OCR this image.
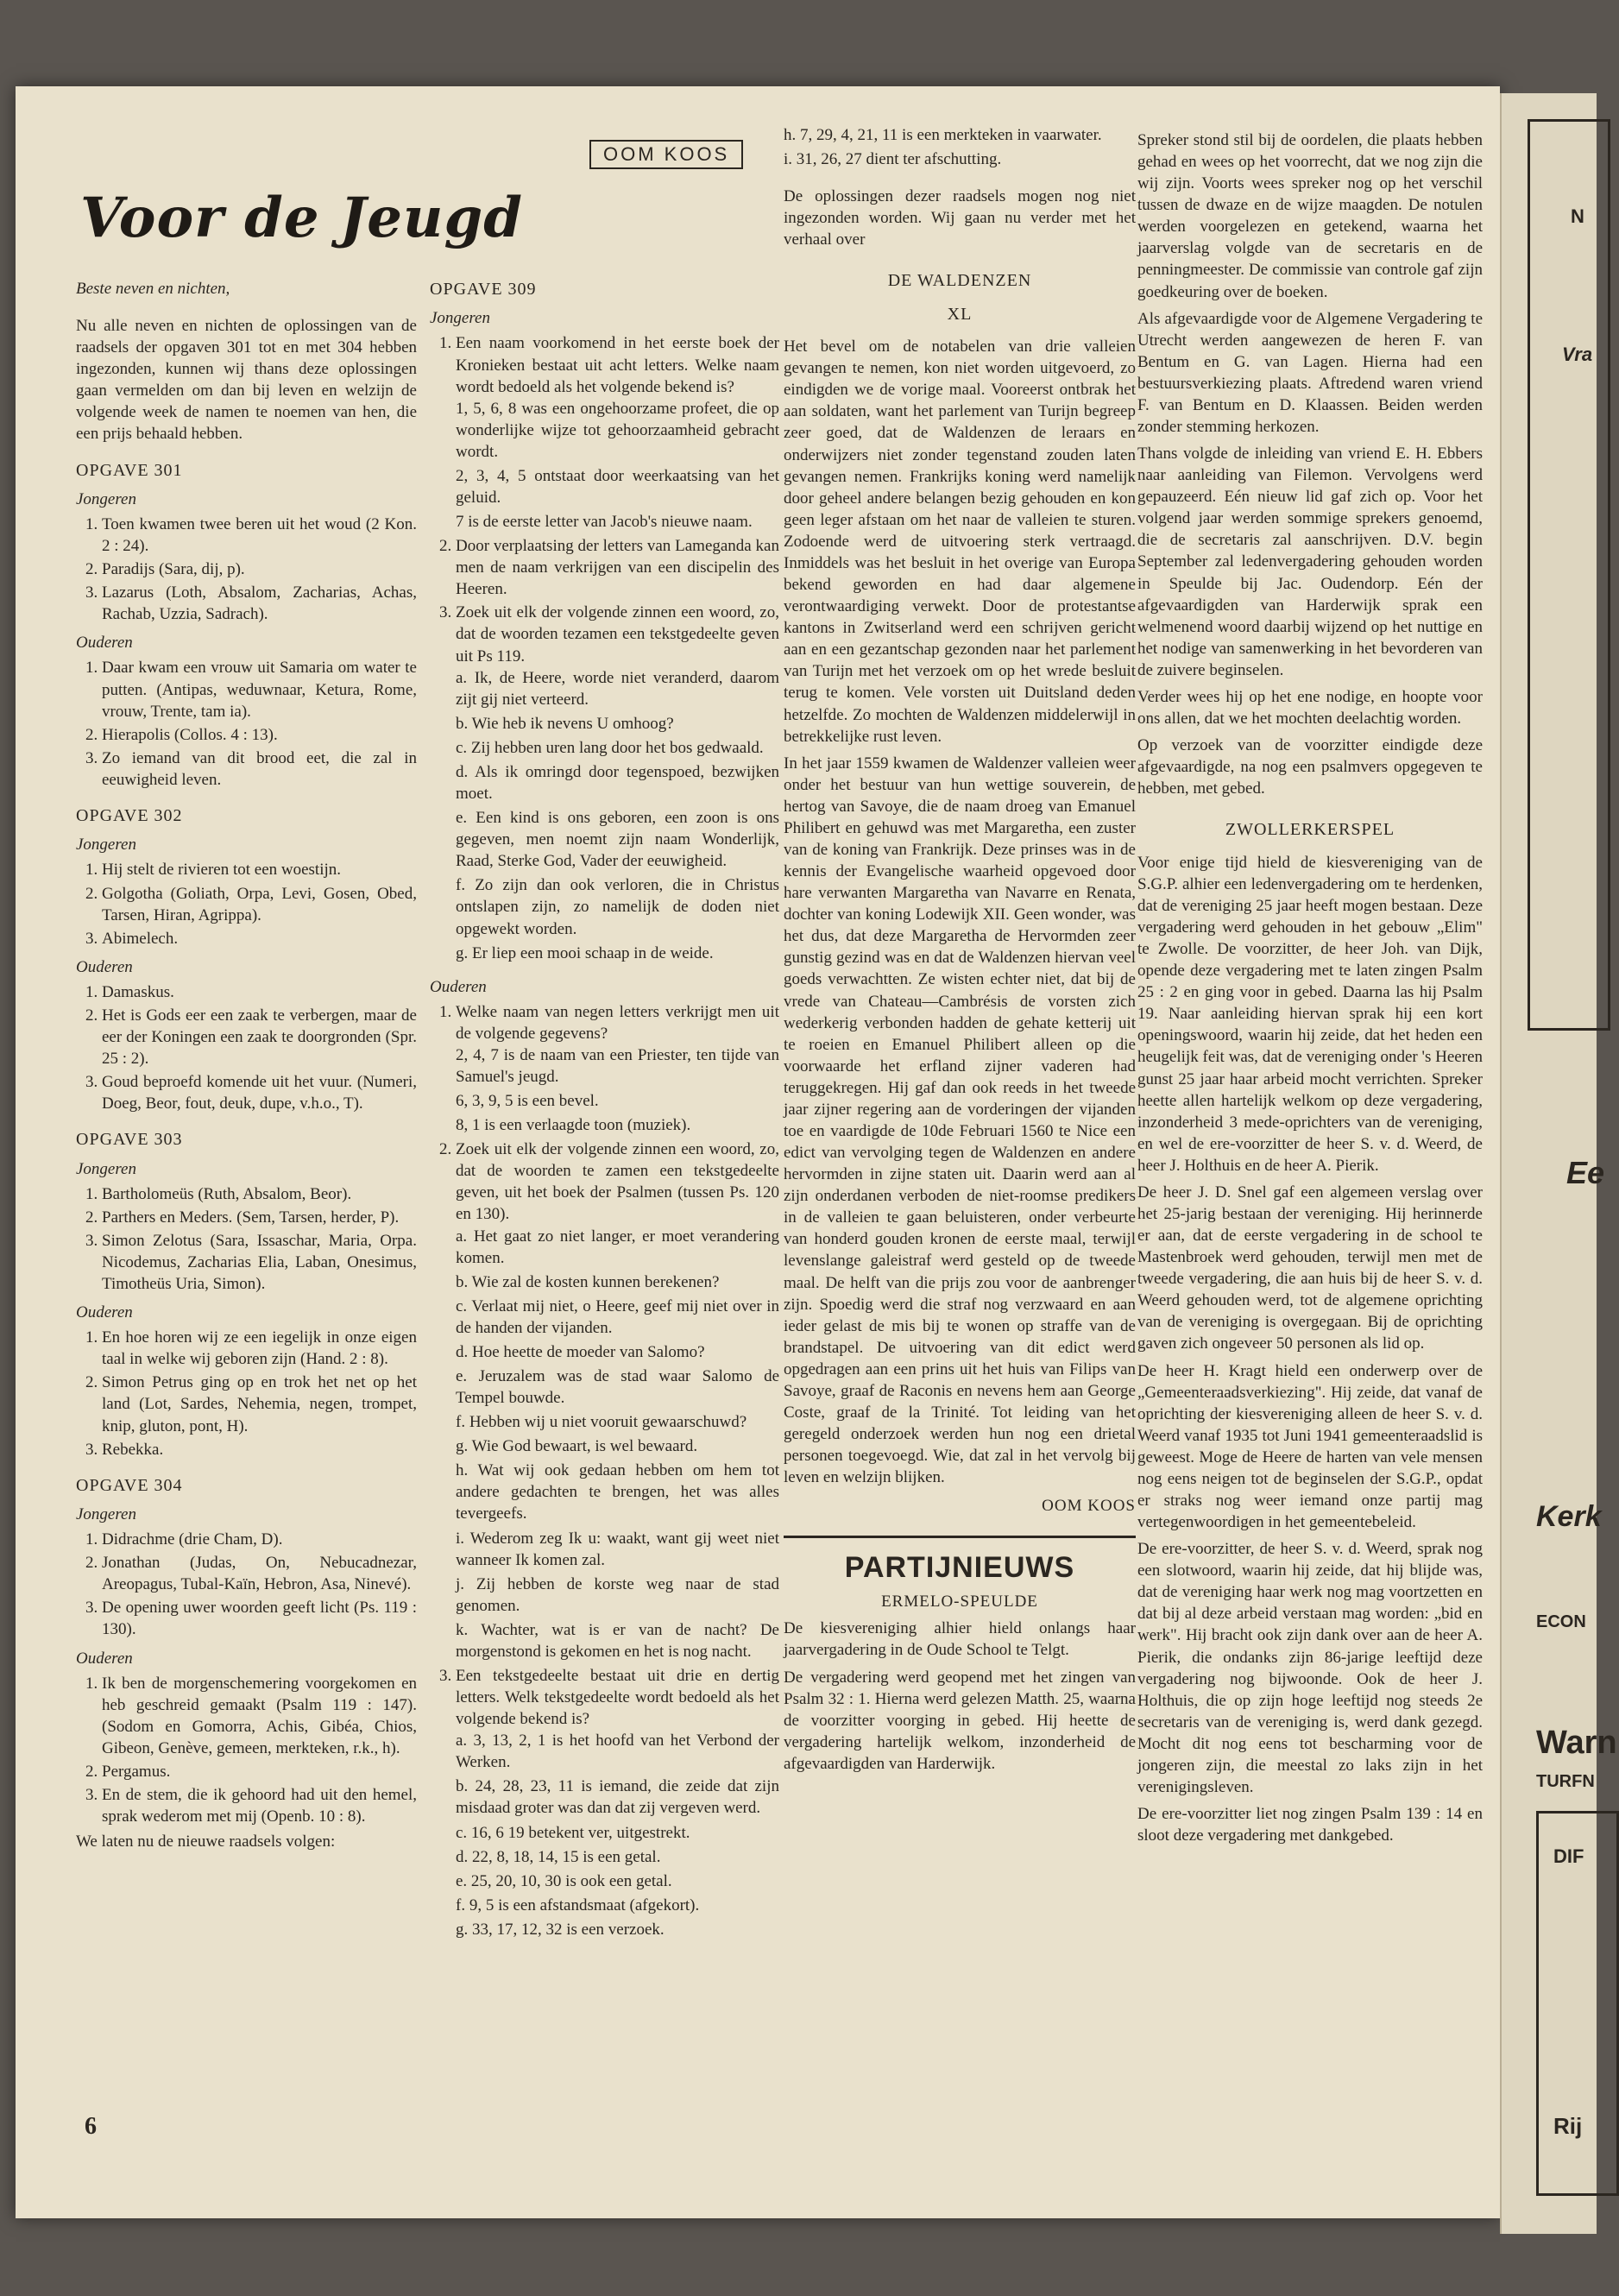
OOM KOOS
Voor de Jeugd

Beste neven en nichten,

Nu alle neven en nichten de oplossingen van de raadsels der opgaven 301 tot en met 304 hebben ingezonden, kunnen wij thans deze oplossingen gaan vermelden om dan bij leven en welzijn de volgende week de namen te noemen van hen, die een prijs behaald hebben.

OPGAVE 301
Jongeren
1. Toen kwamen twee beren uit het woud (2 Kon. 2 : 24).
2. Paradijs (Sara, dij, p).
3. Lazarus (Loth, Absalom, Zacharias, Achas, Rachab, Uzzia, Sadrach).
Ouderen
1. Daar kwam een vrouw uit Samaria om water te putten. (Antipas, weduwnaar, Ketura, Rome, vrouw, Trente, tam ia).
2. Hierapolis (Collos. 4 : 13).
3. Zo iemand van dit brood eet, die zal in eeuwigheid leven.
OPGAVE 302
Jongeren
1. Hij stelt de rivieren tot een woestijn.
2. Golgotha (Goliath, Orpa, Levi, Gosen, Obed, Tarsen, Hiran, Agrippa).
3. Abimelech.
Ouderen
1. Damaskus.
2. Het is Gods eer een zaak te verbergen, maar de eer der Koningen een zaak te doorgronden (Spr. 25 : 2).
3. Goud beproefd komende uit het vuur. (Numeri, Doeg, Beor, fout, deuk, dupe, v.h.o., T).
OPGAVE 303
Jongeren
1. Bartholomeüs (Ruth, Absalom, Beor).
2. Parthers en Meders. (Sem, Tarsen, herder, P).
3. Simon Zelotus (Sara, Issaschar, Maria, Orpa. Nicodemus, Zacharias Elia, Laban, Onesimus, Timotheüs Uria, Simon).
Ouderen
1. En hoe horen wij ze een iegelijk in onze eigen taal in welke wij geboren zijn (Hand. 2 : 8).
2. Simon Petrus ging op en trok het net op het land (Lot, Sardes, Nehemia, negen, trompet, knip, gluton, pont, H).
3. Rebekka.
OPGAVE 304
Jongeren
1. Didrachme (drie Cham, D).
2. Jonathan (Judas, On, Nebucadnezar, Areopagus, Tubal-Kaïn, Hebron, Asa, Ninevé).
3. De opening uwer woorden geeft licht (Ps. 119 : 130).
Ouderen
1. Ik ben de morgenschemering voorgekomen en heb geschreid gemaakt (Psalm 119 : 147). (Sodom en Gomorra, Achis, Gibéa, Chios, Gibeon, Genève, gemeen, merkteken, r.k., h).
2. Pergamus.
3. En de stem, die ik gehoord had uit den hemel, sprak wederom met mij (Openb. 10 : 8).

We laten nu de nieuwe raadsels volgen:

6
OPGAVE 309
Jongeren
1. Een naam voorkomend in het eerste boek der Kronieken bestaat uit acht letters. Welke naam wordt bedoeld als het volgende bekend is?
1, 5, 6, 8 was een ongehoorzame profeet, die op wonderlijke wijze tot gehoorzaamheid gebracht wordt.
2, 3, 4, 5 ontstaat door weerkaatsing van het geluid.
7 is de eerste letter van Jacob's nieuwe naam.
2. Door verplaatsing der letters van Lameganda kan men de naam verkrijgen van een discipelin des Heeren.
3. Zoek uit elk der volgende zinnen een woord, zo, dat de woorden tezamen een tekstgedeelte geven uit Ps 119.
a. Ik, de Heere, worde niet veranderd, daarom zijt gij niet verteerd.
b. Wie heb ik nevens U omhoog?
c. Zij hebben uren lang door het bos gedwaald.
d. Als ik omringd door tegenspoed, bezwijken moet.
e. Een kind is ons geboren, een zoon is ons gegeven, men noemt zijn naam Wonderlijk, Raad, Sterke God, Vader der eeuwigheid.
f. Zo zijn dan ook verloren, die in Christus ontslapen zijn, zo namelijk de doden niet opgewekt worden.
g. Er liep een mooi schaap in de weide.
Ouderen
1. Welke naam van negen letters verkrijgt men uit de volgende gegevens?
2, 4, 7 is de naam van een Priester, ten tijde van Samuel's jeugd.
6, 3, 9, 5 is een bevel.
8, 1 is een verlaagde toon (muziek).
2. Zoek uit elk der volgende zinnen een woord, zo, dat de woorden te zamen een tekstgedeelte geven, uit het boek der Psalmen (tussen Ps. 120 en 130).
a. Het gaat zo niet langer, er moet verandering komen.
b. Wie zal de kosten kunnen berekenen?
c. Verlaat mij niet, o Heere, geef mij niet over in de handen der vijanden.
d. Hoe heette de moeder van Salomo?
e. Jeruzalem was de stad waar Salomo de Tempel bouwde.
f. Hebben wij u niet vooruit gewaarschuwd?
g. Wie God bewaart, is wel bewaard.
h. Wat wij ook gedaan hebben om hem tot andere gedachten te brengen, het was alles tevergeefs.
i. Wederom zeg Ik u: waakt, want gij weet niet wanneer Ik komen zal.
j. Zij hebben de korste weg naar de stad genomen.
k. Wachter, wat is er van de nacht? De morgenstond is gekomen en het is nog nacht.
3. Een tekstgedeelte bestaat uit drie en dertig letters. Welk tekstgedeelte wordt bedoeld als het volgende bekend is?
a. 3, 13, 2, 1 is het hoofd van het Verbond der Werken.
b. 24, 28, 23, 11 is iemand, die zeide dat zijn misdaad groter was dan dat zij vergeven werd.
c. 16, 6 19 betekent ver, uitgestrekt.
d. 22, 8, 18, 14, 15 is een getal.
e. 25, 20, 10, 30 is ook een getal.
f. 9, 5 is een afstandsmaat (afgekort).
g. 33, 17, 12, 32 is een verzoek.
h. 7, 29, 4, 21, 11 is een merkteken in vaarwater.
i. 31, 26, 27 dient ter afschutting.

De oplossingen dezer raadsels mogen nog niet ingezonden worden. Wij gaan nu verder met het verhaal over

DE WALDENZEN
XL

Het bevel om de notabelen van drie valleien gevangen te nemen, kon niet worden uitgevoerd, zo eindigden we de vorige maal. Vooreerst ontbrak het aan soldaten, want het parlement van Turijn begreep zeer goed, dat de Waldenzen de leraars en onderwijzers niet zonder tegenstand zouden laten gevangen nemen. Frankrijks koning werd namelijk door geheel andere belangen bezig gehouden en kon geen leger afstaan om het naar de valleien te sturen. Zodoende werd de uitvoering sterk vertraagd. Inmiddels was het besluit in het overige van Europa bekend geworden en had daar algemene verontwaardiging verwekt. Door de protestantse kantons in Zwitserland werd een schrijven gericht aan en een gezantschap gezonden naar het parlement van Turijn met het verzoek om op het wrede besluit terug te komen. Vele vorsten uit Duitsland deden hetzelfde. Zo mochten de Waldenzen middelerwijl in betrekkelijke rust leven.

In het jaar 1559 kwamen de Waldenzer valleien weer onder het bestuur van hun wettige souverein, de hertog van Savoye, die de naam droeg van Emanuel Philibert en gehuwd was met Margaretha, een zuster van de koning van Frankrijk. Deze prinses was in de kennis der Evangelische waarheid opgevoed door hare verwanten Margaretha van Navarre en Renata, dochter van koning Lodewijk XII. Geen wonder, was het dus, dat deze Margaretha de Hervormden zeer gunstig gezind was en dat de Waldenzen hiervan veel goeds verwachtten. Ze wisten echter niet, dat bij de vrede van Chateau—Cambrésis de vorsten zich wederkerig verbonden hadden de gehate ketterij uit te roeien en Emanuel Philibert alleen op die voorwaarde het erfland zijner vaderen had teruggekregen. Hij gaf dan ook reeds in het tweede jaar zijner regering aan de vorderingen der vijanden toe en vaardigde de 10de Februari 1560 te Nice een edict van vervolging tegen de Waldenzen en andere hervormden in zijne staten uit. Daarin werd aan al zijn onderdanen verboden de niet-roomse predikers in de valleien te gaan beluisteren, onder verbeurte van honderd gouden kronen de eerste maal, terwijl levenslange galeistraf werd gesteld op de tweede maal. De helft van die prijs zou voor de aanbrenger zijn. Spoedig werd die straf nog verzwaard en aan ieder gelast de mis bij te wonen op straffe van de brandstapel. De uitvoering van dit edict werd opgedragen aan een prins uit het huis van Filips van Savoye, graaf de Raconis en nevens hem aan George Coste, graaf de la Trinité. Tot leiding van het geregeld onderzoek werden hun nog een drietal personen toegevoegd. Wie, dat zal in het vervolg bij leven en welzijn blijken.

OOM KOOS
PARTIJNIEUWS
ERMELO-SPEULDE

De kiesvereniging alhier hield onlangs haar jaarvergadering in de Oude School te Telgt.

De vergadering werd geopend met het zingen van Psalm 32 : 1. Hierna werd gelezen Matth. 25, waarna de voorzitter voorging in gebed. Hij heette de vergadering hartelijk welkom, inzonderheid de afgevaardigden van Harderwijk.

Spreker stond stil bij de oordelen, die plaats hebben gehad en wees op het voorrecht, dat we nog zijn die wij zijn. Voorts wees spreker nog op het verschil tussen de dwaze en de wijze maagden. De notulen werden voorgelezen en getekend, waarna het jaarverslag volgde van de secretaris en de penningmeester. De commissie van controle gaf zijn goedkeuring over de boeken.

Als afgevaardigde voor de Algemene Vergadering te Utrecht werden aangewezen de heren F. van Bentum en G. van Lagen. Hierna had een bestuursverkiezing plaats. Aftredend waren vriend F. van Bentum en D. Klaassen. Beiden werden zonder stemming herkozen.

Thans volgde de inleiding van vriend E. H. Ebbers naar aanleiding van Filemon. Vervolgens werd gepauzeerd. Eén nieuw lid gaf zich op. Voor het volgend jaar werden sommige sprekers genoemd, die de secretaris zal aanschrijven. D.V. begin September zal ledenvergadering gehouden worden in Speulde bij Jac. Oudendorp. Eén der afgevaardigden van Harderwijk sprak een welmenend woord daarbij wijzend op het nuttige en het nodige van samenwerking in het bevorderen van de zuivere beginselen.

Verder wees hij op het ene nodige, en hoopte voor ons allen, dat we het mochten deelachtig worden.

Op verzoek van de voorzitter eindigde deze afgevaardigde, na nog een psalmvers opgegeven te hebben, met gebed.

ZWOLLERKERSPEL

Voor enige tijd hield de kiesvereniging van de S.G.P. alhier een ledenvergadering om te herdenken, dat de vereniging 25 jaar heeft mogen bestaan. Deze vergadering werd gehouden in het gebouw „Elim" te Zwolle. De voorzitter, de heer Joh. van Dijk, opende deze vergadering met te laten zingen Psalm 25 : 2 en ging voor in gebed. Daarna las hij Psalm 19. Naar aanleiding hiervan sprak hij een kort openingswoord, waarin hij zeide, dat het heden een heugelijk feit was, dat de vereniging onder 's Heeren gunst 25 jaar haar arbeid mocht verrichten. Spreker heette allen hartelijk welkom op deze vergadering, inzonderheid 3 mede-oprichters van de vereniging, en wel de ere-voorzitter de heer S. v. d. Weerd, de heer J. Holthuis en de heer A. Pierik.

De heer J. D. Snel gaf een algemeen verslag over het 25-jarig bestaan der vereniging. Hij herinnerde er aan, dat de eerste vergadering in de school te Mastenbroek werd gehouden, terwijl men met de tweede vergadering, die aan huis bij de heer S. v. d. Weerd gehouden werd, tot de algemene oprichting van de vereniging is overgegaan. Bij de oprichting gaven zich ongeveer 50 personen als lid op.

De heer H. Kragt hield een onderwerp over de „Gemeenteraadsverkiezing". Hij zeide, dat vanaf de oprichting der kiesvereniging alleen de heer S. v. d. Weerd vanaf 1935 tot Juni 1941 gemeenteraadslid is geweest. Moge de Heere de harten van vele mensen nog eens neigen tot de beginselen der S.G.P., opdat er straks nog weer iemand onze partij mag vertegenwoordigen in het gemeentebeleid.

De ere-voorzitter, de heer S. v. d. Weerd, sprak nog een slotwoord, waarin hij zeide, dat hij blijde was, dat de vereniging haar werk nog mag voortzetten en dat bij al deze arbeid verstaan mag worden: „bid en werk". Hij bracht ook zijn dank over aan de heer A. Pierik, die ondanks zijn 86-jarige leeftijd deze vergadering nog bijwoonde. Ook de heer J. Holthuis, die op zijn hoge leeftijd nog steeds 2e secretaris van de vereniging is, werd dank gezegd. Mocht dit nog eens tot bescharming voor de jongeren zijn, die meestal zo laks zijn in het verenigingsleven.

De ere-voorzitter liet nog zingen Psalm 139 : 14 en sloot deze vergadering met dankgebed.

N
Vra
Ee
Kerk
ECON
Warn
TURFN
DIF
Rij
